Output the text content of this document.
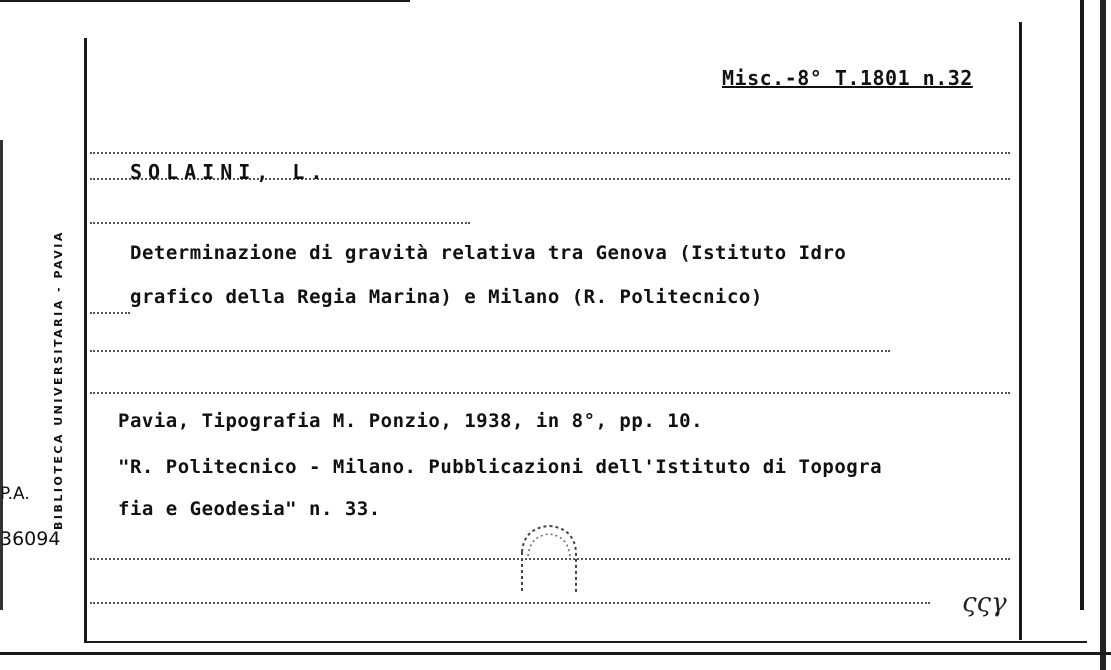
Misc.-8° T.1801 n.32
SOLAINI, L.
Determinazione di gravità relativa tra Genova (Istituto Idro
grafico della Regia Marina) e Milano (R. Politecnico)
Pavia, Tipografia M. Ponzio, 1938, in 8°, pp. 10.
"R. Politecnico - Milano. Pubblicazioni dell'Istituto di Topogra
fia e Geodesia" n. 33.
BIBLIOTECA UNIVERSITARIA - PAVIA
P.A.
36094
ςςγ
